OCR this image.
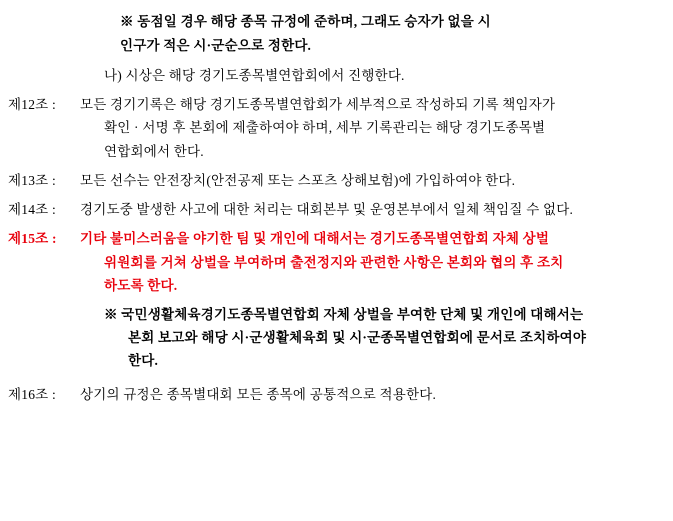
※ 동점일 경우 해당 종목 규정에 준하며, 그래도 승자가 없을 시
인구가 적은 시·군순으로 정한다.
나) 시상은 해당 경기도종목별연합회에서 진행한다.
제12조 :	모든 경기기록은 해당 경기도종목별연합회가 세부적으로 작성하되 기록 책임자가
확인 · 서명 후 본회에 제출하여야 하며, 세부 기록관리는 해당 경기도종목별
연합회에서 한다.
제13조 :	모든 선수는 안전장치(안전공제 또는 스포츠 상해보험)에 가입하여야 한다.
제14조 :	경기도중 발생한 사고에 대한 처리는 대회본부 및 운영본부에서 일체 책임질 수 없다.
제15조 :	기타 불미스러움을 야기한 팀 및 개인에 대해서는 경기도종목별연합회 자체 상벌
위원회를 거쳐 상벌을 부여하며 출전정지와 관련한 사항은 본회와 협의 후 조치
하도록 한다.

※ 국민생활체육경기도종목별연합회 자체 상벌을 부여한 단체 및 개인에 대해서는
본회 보고와 해당 시·군생활체육회 및 시·군종목별연합회에 문서로 조치하여야
한다.
제16조 :	상기의 규정은 종목별대회 모든 종목에 공통적으로 적용한다.
